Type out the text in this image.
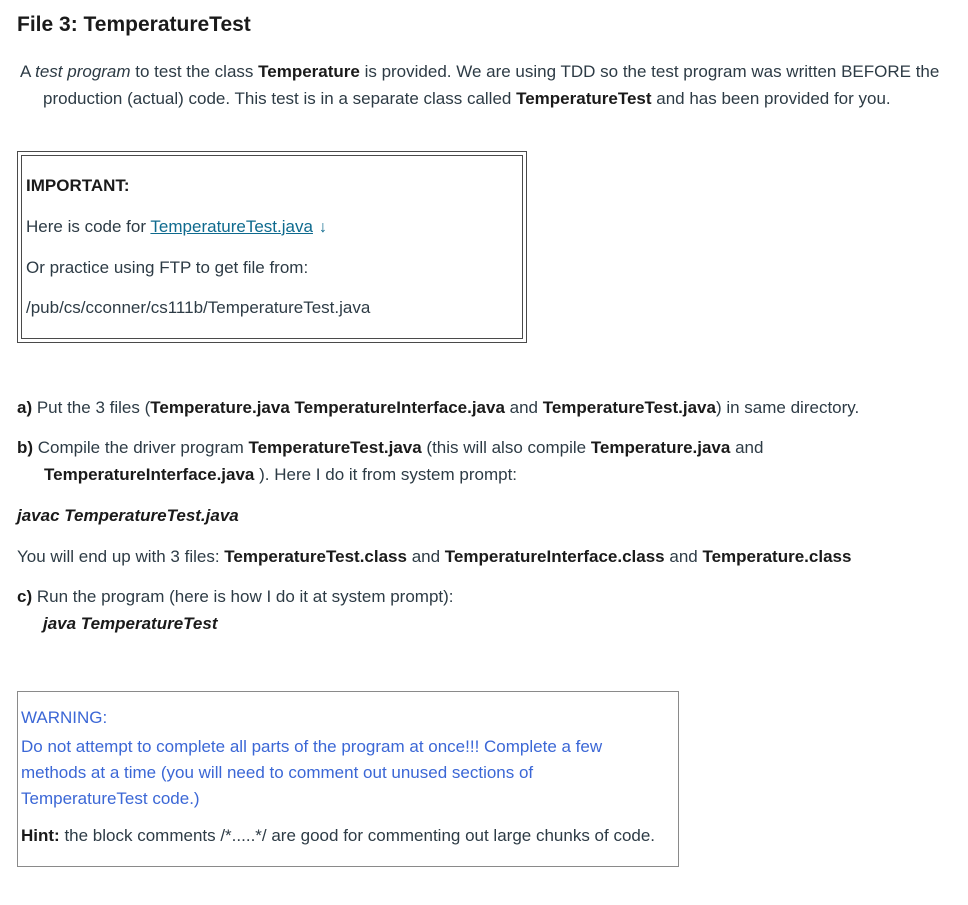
File 3: TemperatureTest
A test program to test the class Temperature is provided. We are using TDD so the test program was written BEFORE the production (actual) code. This test is in a separate class called TemperatureTest and has been provided for you.
IMPORTANT:
Here is code for TemperatureTest.java ↓
Or practice using FTP to get file from:
/pub/cs/cconner/cs111b/TemperatureTest.java
a) Put the 3 files (Temperature.java TemperatureInterface.java and TemperatureTest.java) in same directory.
b) Compile the driver program TemperatureTest.java (this will also compile Temperature.java and TemperatureInterface.java ). Here I do it from system prompt:
javac TemperatureTest.java
You will end up with 3 files: TemperatureTest.class and TemperatureInterface.class and Temperature.class
c) Run the program (here is how I do it at system prompt):
java TemperatureTest
WARNING:
Do not attempt to complete all parts of the program at once!!! Complete a few methods at a time (you will need to comment out unused sections of TemperatureTest code.)
Hint: the block comments /*.....*/ are good for commenting out large chunks of code.
